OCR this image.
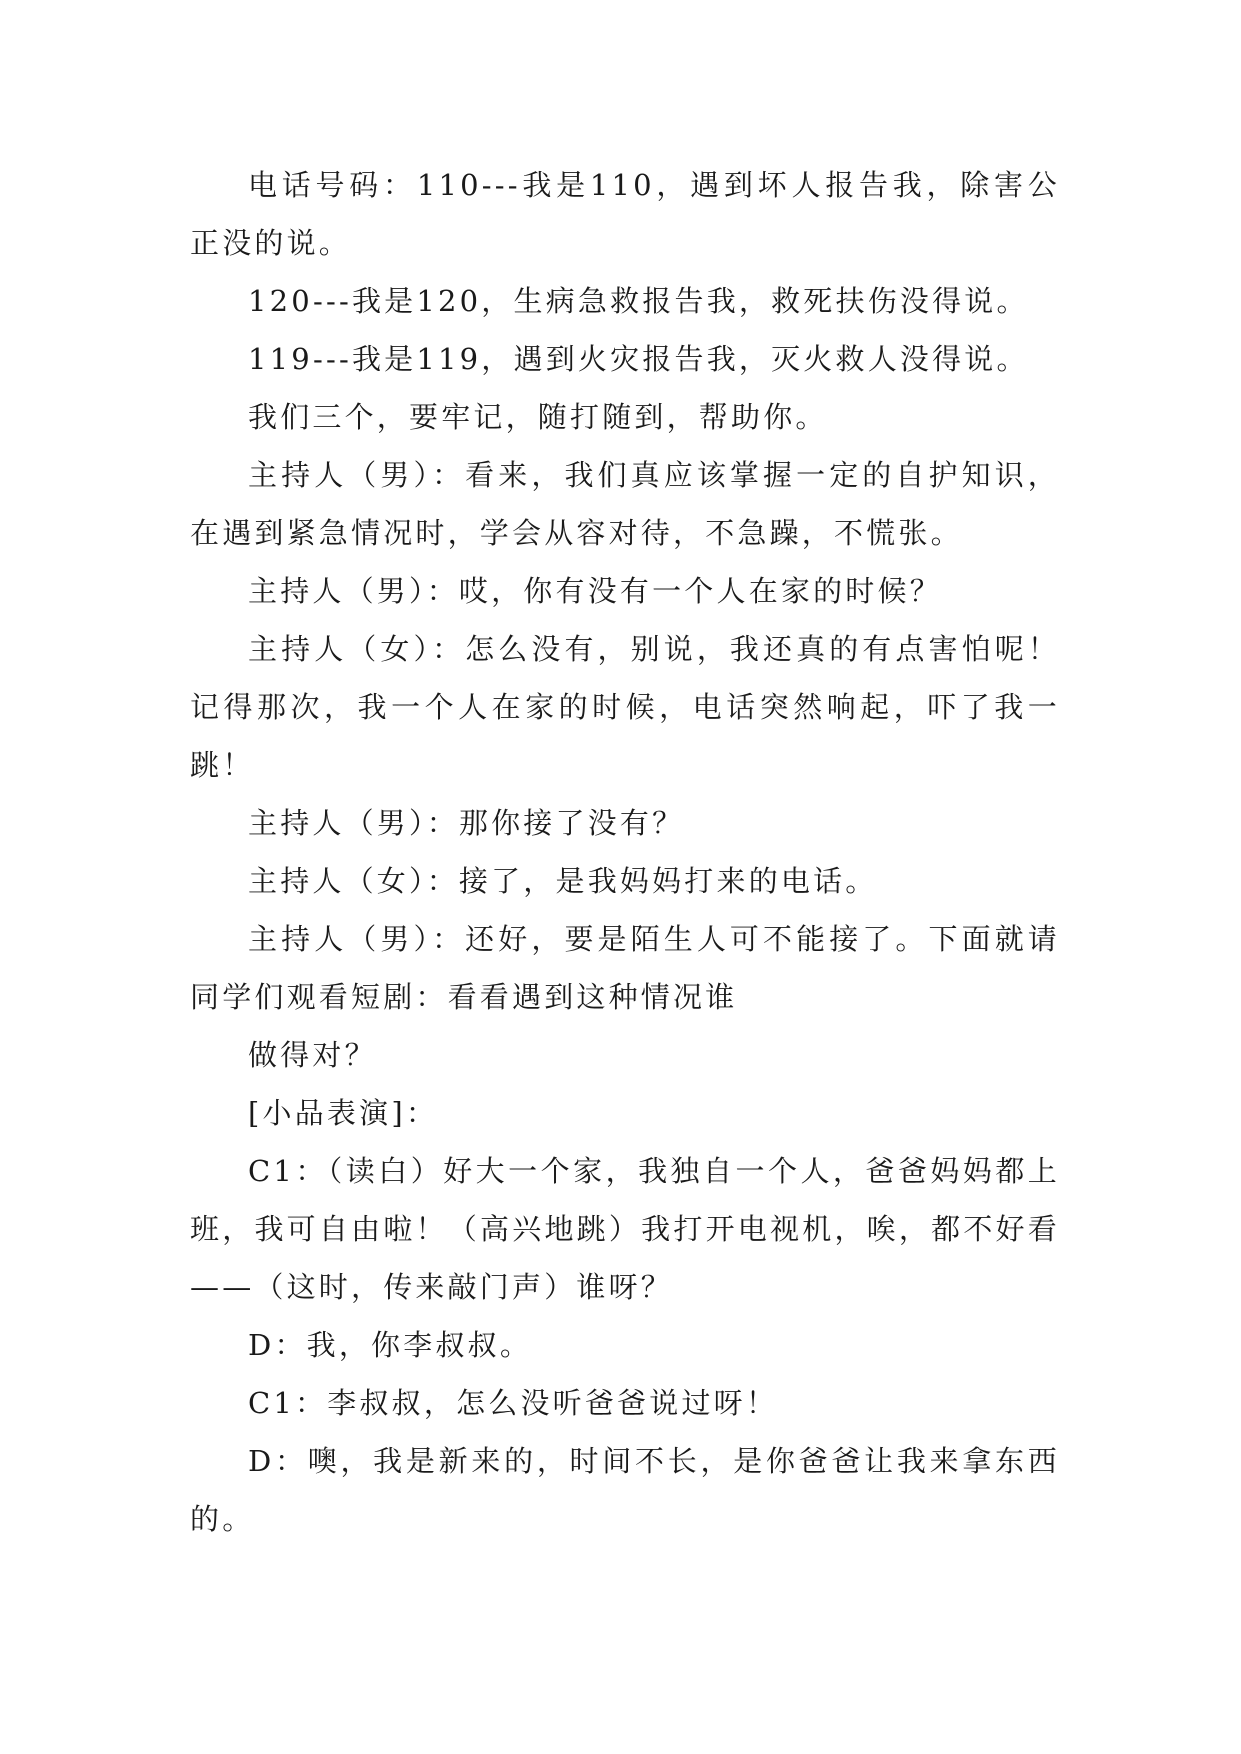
电话号码：110---我是110，遇到坏人报告我，除害公正没的说。

120---我是120，生病急救报告我，救死扶伤没得说。

119---我是119，遇到火灾报告我，灭火救人没得说。

我们三个，要牢记，随打随到，帮助你。

主持人（男）：看来，我们真应该掌握一定的自护知识，在遇到紧急情况时，学会从容对待，不急躁，不慌张。

主持人（男）：哎，你有没有一个人在家的时候？

主持人（女）：怎么没有，别说，我还真的有点害怕呢！记得那次，我一个人在家的时候，电话突然响起，吓了我一跳！

主持人（男）：那你接了没有？

主持人（女）：接了，是我妈妈打来的电话。

主持人（男）：还好，要是陌生人可不能接了。下面就请同学们观看短剧：看看遇到这种情况谁

做得对？

[小品表演]：

C1：（读白）好大一个家，我独自一个人，爸爸妈妈都上班，我可自由啦！（高兴地跳）我打开电视机，唉，都不好看——（这时，传来敲门声）谁呀？

D：我，你李叔叔。

C1：李叔叔，怎么没听爸爸说过呀！

D：噢，我是新来的，时间不长，是你爸爸让我来拿东西的。
